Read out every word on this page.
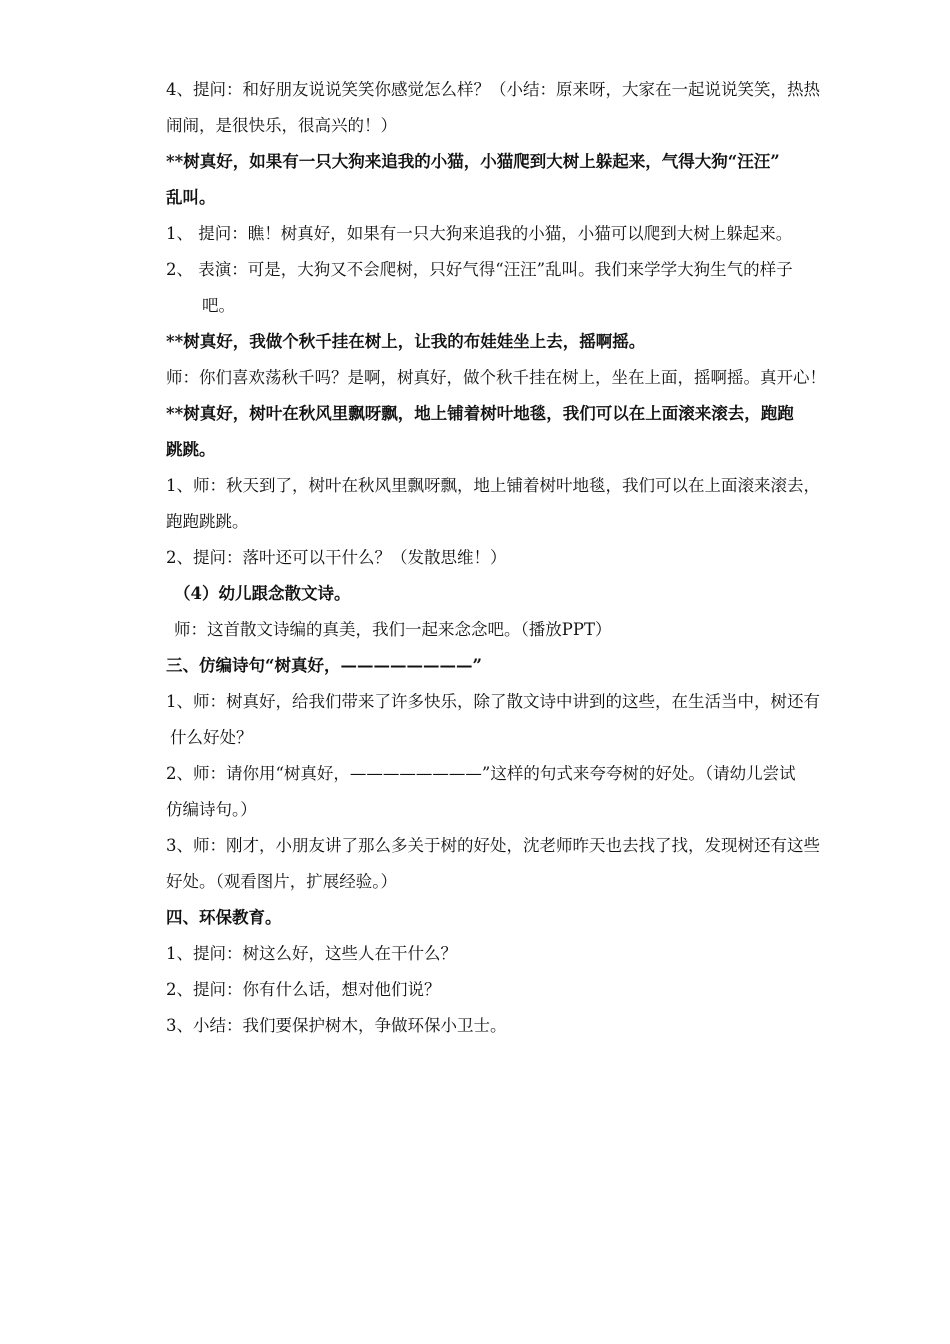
4、提问：和好朋友说说笑笑你感觉怎么样？（小结：原来呀，大家在一起说说笑笑，热热
闹闹，是很快乐，很高兴的！）
**树真好，如果有一只大狗来追我的小猫，小猫爬到大树上躲起来，气得大狗“汪汪”
乱叫。
1、 提问：瞧！树真好，如果有一只大狗来追我的小猫，小猫可以爬到大树上躲起来。
2、 表演：可是，大狗又不会爬树，只好气得“汪汪”乱叫。我们来学学大狗生气的样子
吧。
**树真好，我做个秋千挂在树上，让我的布娃娃坐上去，摇啊摇。
师：你们喜欢荡秋千吗？是啊，树真好，做个秋千挂在树上，坐在上面，摇啊摇。真开心！
**树真好，树叶在秋风里飘呀飘，地上铺着树叶地毯，我们可以在上面滚来滚去，跑跑
跳跳。
1、师：秋天到了，树叶在秋风里飘呀飘，地上铺着树叶地毯，我们可以在上面滚来滚去，
跑跑跳跳。
2、提问：落叶还可以干什么？（发散思维！）
（4）幼儿跟念散文诗。
师：这首散文诗编的真美，我们一起来念念吧。（播放PPT）
三、仿编诗句“树真好，————————”
1、师：树真好，给我们带来了许多快乐，除了散文诗中讲到的这些，在生活当中，树还有
什么好处？
2、师：请你用“树真好，————————”这样的句式来夸夸树的好处。（请幼儿尝试
仿编诗句。）
3、师：刚才，小朋友讲了那么多关于树的好处，沈老师昨天也去找了找，发现树还有这些
好处。（观看图片，扩展经验。）
四、环保教育。
1、提问：树这么好，这些人在干什么？
2、提问：你有什么话，想对他们说？
3、小结：我们要保护树木，争做环保小卫士。
